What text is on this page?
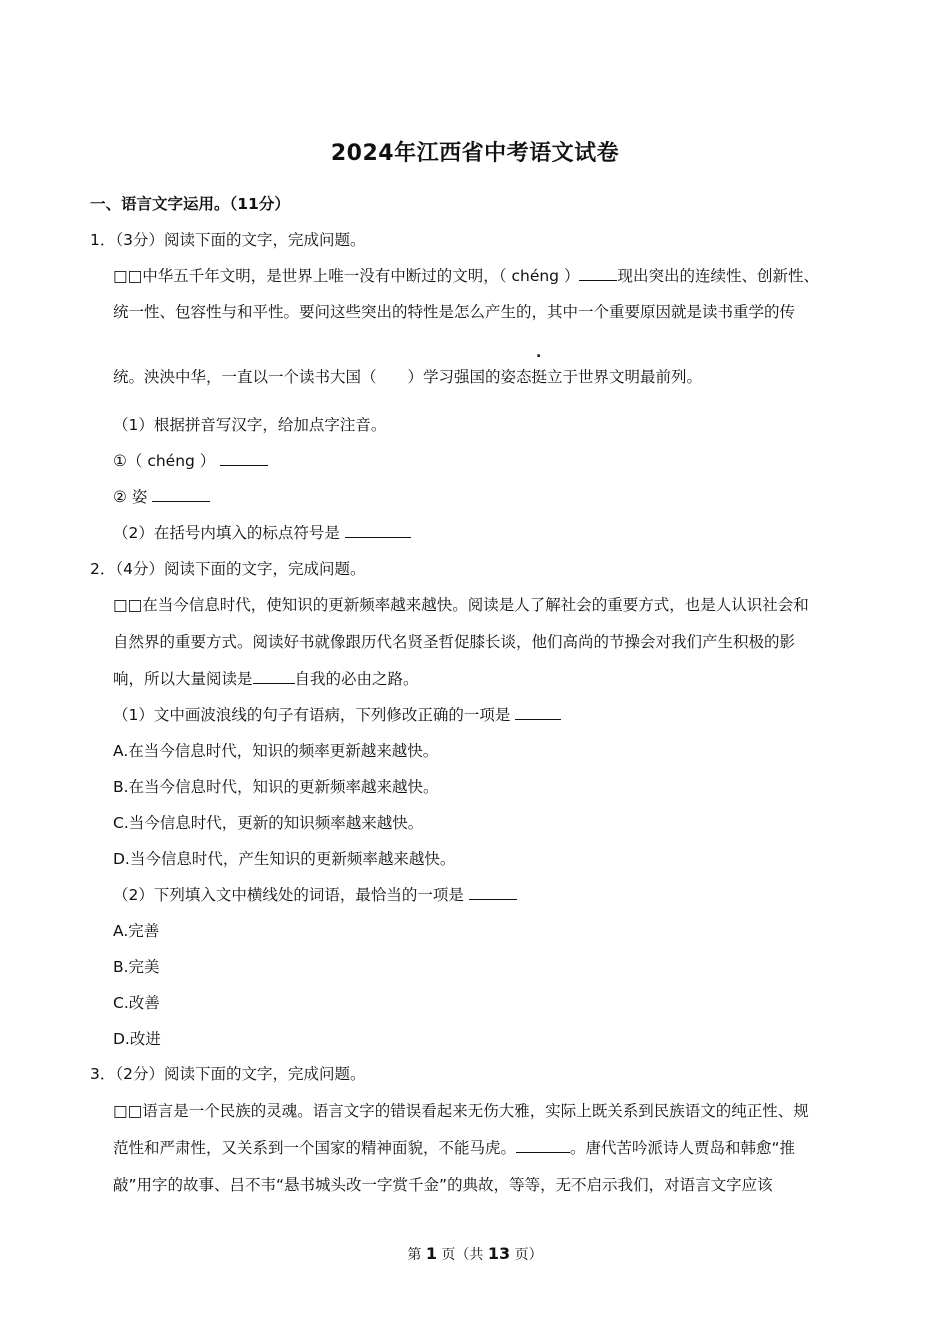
2024年江西省中考语文试卷
一、语言文字运用。（11分）
1．（3分）阅读下面的文字，完成问题。
□□中华五千年文明，是世界上唯一没有中断过的文明，（ chéng ） 现出突出的连续性、创新性、
统一性、包容性与和平性。要问这些突出的特性是怎么产生的，其中一个重要原因就是读书重学的传
.
统。泱泱中华，一直以一个读书大国（　　）学习强国的姿态挺立于世界文明最前列。
（1）根据拼音写汉字，给加点字注音。
①（ chéng ）
② 姿
（2）在括号内填入的标点符号是
2．（4分）阅读下面的文字，完成问题。
□□在当今信息时代，使知识的更新频率越来越快。阅读是人了解社会的重要方式，也是人认识社会和
自然界的重要方式。阅读好书就像跟历代名贤圣哲促膝长谈，他们高尚的节操会对我们产生积极的影
响，所以大量阅读是	自我的必由之路。
（1）文中画波浪线的句子有语病，下列修改正确的一项是
A.在当今信息时代，知识的频率更新越来越快。
B.在当今信息时代，知识的更新频率越来越快。
C.当今信息时代，更新的知识频率越来越快。
D.当今信息时代，产生知识的更新频率越来越快。
（2）下列填入文中横线处的词语，最恰当的一项是
A.完善
B.完美
C.改善
D.改进
3．（2分）阅读下面的文字，完成问题。
□□语言是一个民族的灵魂。语言文字的错误看起来无伤大雅，实际上既关系到民族语文的纯正性、规
范性和严肃性，又关系到一个国家的精神面貌，不能马虎。	。唐代苦吟派诗人贾岛和韩愈“推
敲”用字的故事、吕不韦“悬书城头改一字赏千金”的典故，等等，无不启示我们，对语言文字应该
第 1 页（共 13 页）
